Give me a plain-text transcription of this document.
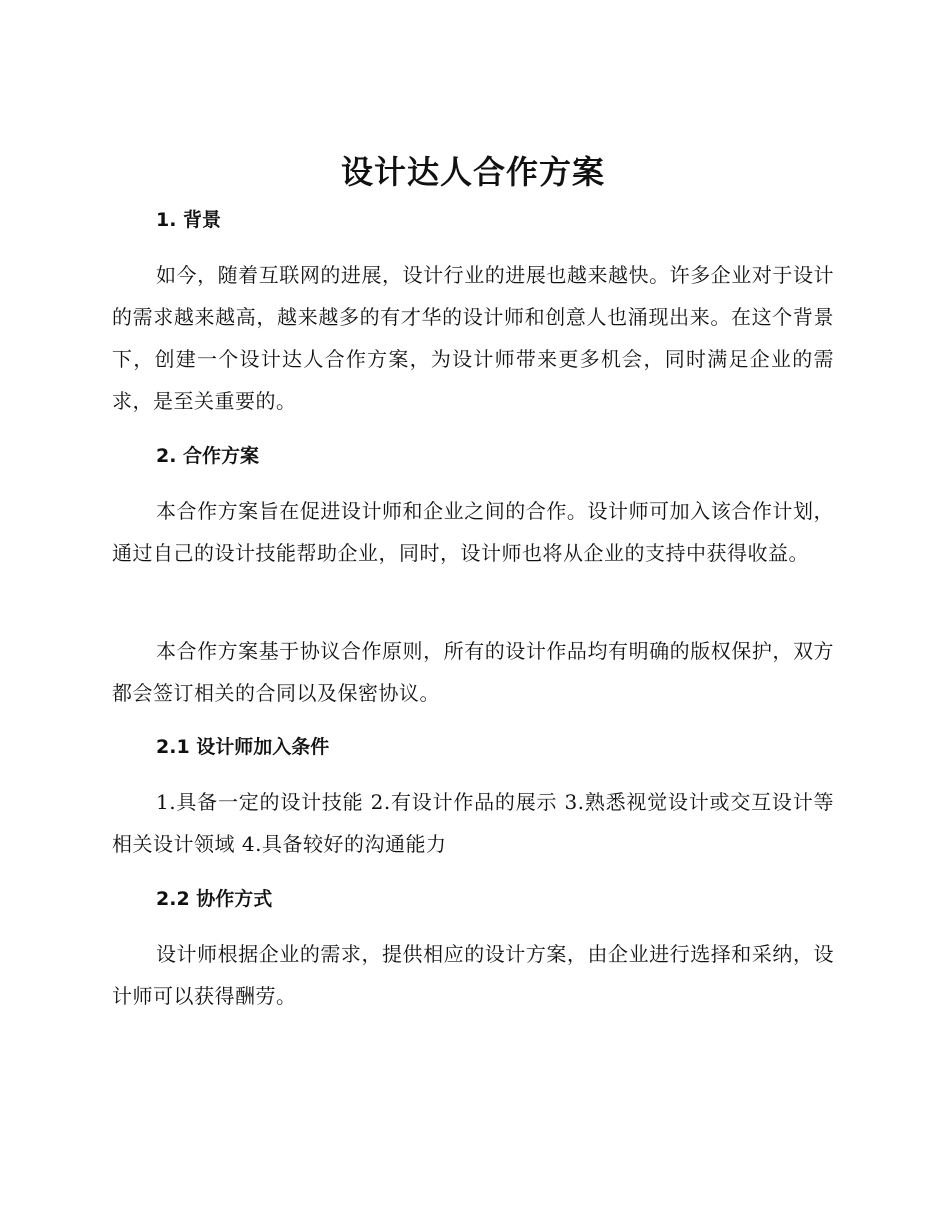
设计达人合作方案
1. 背景

如今，随着互联网的进展，设计行业的进展也越来越快。许多企业对于设计的需求越来越高，越来越多的有才华的设计师和创意人也涌现出来。在这个背景下，创建一个设计达人合作方案，为设计师带来更多机会，同时满足企业的需求，是至关重要的。

2. 合作方案

本合作方案旨在促进设计师和企业之间的合作。设计师可加入该合作计划，通过自己的设计技能帮助企业，同时，设计师也将从企业的支持中获得收益。

本合作方案基于协议合作原则，所有的设计作品均有明确的版权保护，双方都会签订相关的合同以及保密协议。

2.1 设计师加入条件

1.具备一定的设计技能 2.有设计作品的展示 3.熟悉视觉设计或交互设计等相关设计领域 4.具备较好的沟通能力

2.2 协作方式

设计师根据企业的需求，提供相应的设计方案，由企业进行选择和采纳，设计师可以获得酬劳。
